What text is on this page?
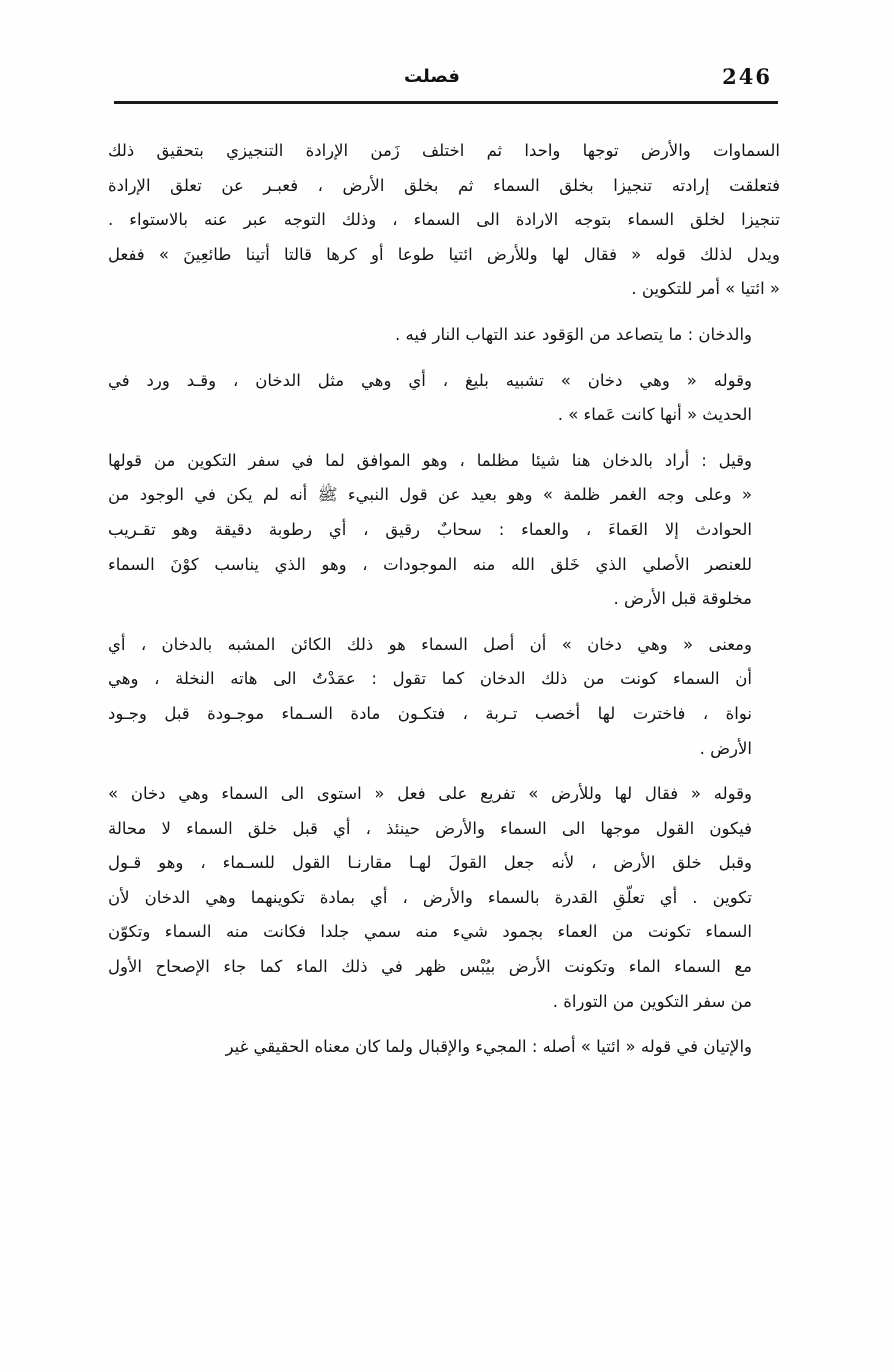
246
فصلت
السماوات والأرض توجها واحدا ثم اختلف زَمن الإرادة التنجيزي بتحقيق ذلك
فتعلقت إرادته تنجيزا بخلق السماء ثم بخلق الأرض ، فعبـر عن تعلق الإرادة
تنجيزا لخلق السماء بتوجه الارادة الى السماء ، وذلك التوجه عبر عنه بالاستواء .
ويدل لذلك قوله « فقال لها وللأرض ائتيا طوعا أو كرها قالتا أتينا طائعِينَ » ففعل
« ائتيا » أمر للتكوين .
والدخان : ما يتصاعد من الوَقود عند التهاب النار فيه .
وقوله « وهي دخان » تشبيه بليغ ، أي وهي مثل الدخان ، وقـد ورد في
الحديث « أنها كانت عَماء » .
وقيل : أراد بالدخان هنا شيئا مظلما ، وهو الموافق لما في سفر التكوين من قولها
« وعلى وجه الغمر ظلمة » وهو بعيد عن قول النبيء ﷺ أنه لم يكن في الوجود من
الحوادث إلا العَماءَ ، والعماء : سحابٌ رقيق ، أي رطوبة دقيقة وهو تقـريب
للعنصر الأصلي الذي خَلق الله منه الموجودات ، وهو الذي يناسب كوْنَ السماء
مخلوقة قبل الأرض .
ومعنى « وهي دخان » أن أصل السماء هو ذلك الكائن المشبه بالدخان ، أي
أن السماء كونت من ذلك الدخان كما تقول : عمَدْتُ الى هاته النخلة ، وهي
نواة ، فاخترت لها أخصب تـربة ، فتكـون مادة السـماء موجـودة قبل وجـود
الأرض .
وقوله « فقال لها وللأرض » تفريع على فعل « استوى الى السماء وهي دخان »
فيكون القول موجها الى السماء والأرض حينئذ ، أي قبل خلق السماء لا محالة
وقبل خلق الأرض ، لأنه جعل القولَ لهـا مقارنـا القول للسـماء ، وهو قـول
تكوين . أي تعلّقِ القدرة بالسماء والأرض ، أي بمادة تكوينهما وهي الدخان لأن
السماء تكونت من العماء بجمود شيء منه سمي جلدا فكانت منه السماء وتكوّن
مع السماء الماء وتكونت الأرض بيُبْس ظهر في ذلك الماء كما جاء الإصحاح الأول
من سفر التكوين من التوراة .
والإتيان في قوله « ائتيا » أصله : المجيء والإقبال ولما كان معناه الحقيقي غير
